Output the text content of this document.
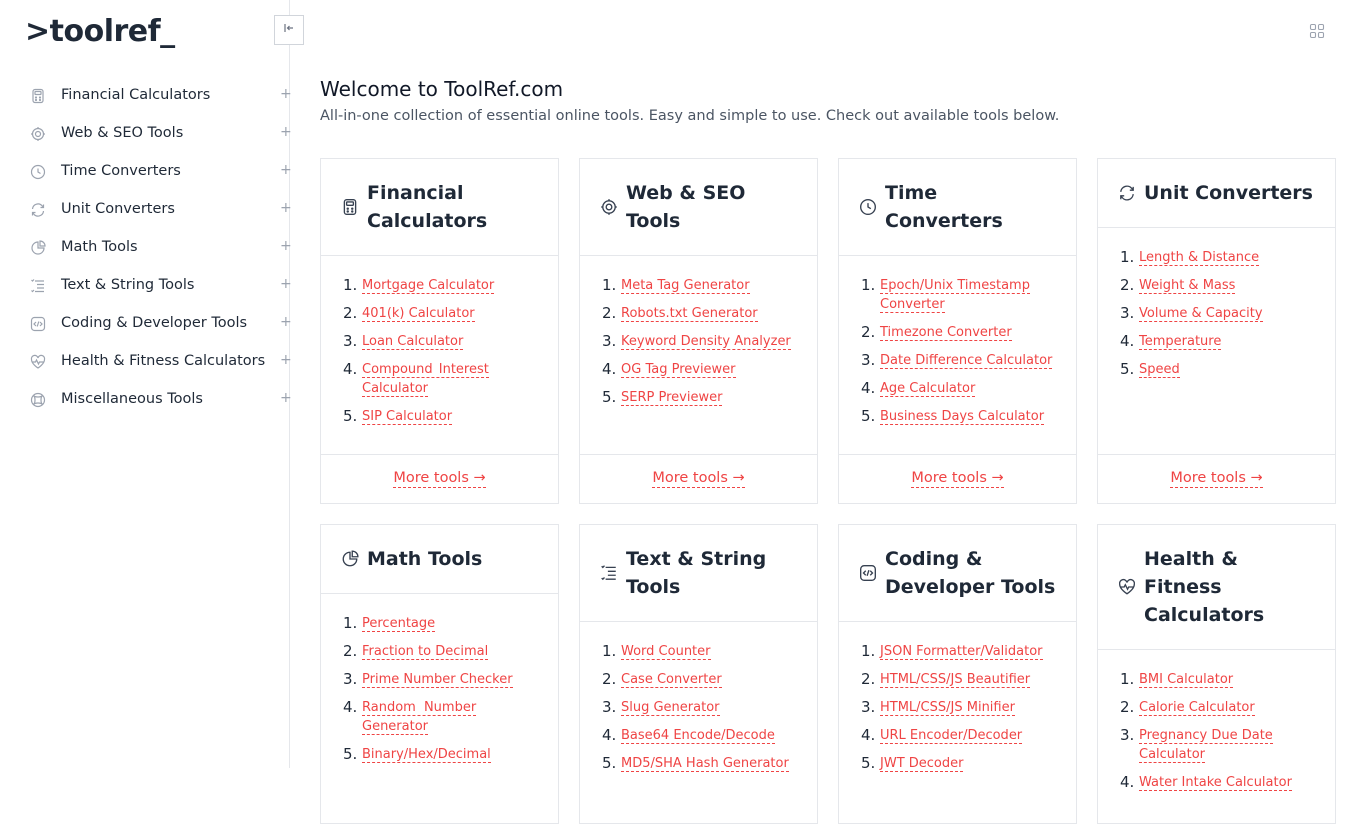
>toolref_
Financial Calculators	+
Web & SEO Tools	+
Time Converters	+
Unit Converters	+
Math Tools	+
Text & String Tools	+
Coding & Developer Tools +
Health & Fitness Calculators +
Miscellaneous Tools	+
Welcome to ToolRef.com

All-in-one collection of essential online tools. Easy and simple to use. Check out available tools below.

Financial Calculators
1. Mortgage Calculator
2. 401(k) Calculator
3. Loan Calculator
4. Compound Interest Calculator
5. SIP Calculator
More tools →
Web & SEO Tools
1. Meta Tag Generator
2. Robots.txt Generator
3. Keyword Density Analyzer
4. OG Tag Previewer
5. SERP Previewer
More tools →
Time Converters
1. Epoch/Unix Timestamp Converter
2. Timezone Converter
3. Date Difference Calculator
4. Age Calculator
5. Business Days Calculator
More tools →
Unit Converters
1. Length & Distance
2. Weight & Mass
3. Volume & Capacity
4. Temperature
5. Speed
More tools →
Math Tools
1. Percentage
2. Fraction to Decimal
3. Prime Number Checker
4. Random Number Generator
5. Binary/Hex/Decimal
Text & String Tools
1. Word Counter
2. Case Converter
3. Slug Generator
4. Base64 Encode/Decode
5. MD5/SHA Hash Generator
Coding & Developer Tools
1. JSON Formatter/Validator
2. HTML/CSS/JS Beautifier
3. HTML/CSS/JS Minifier
4. URL Encoder/Decoder
5. JWT Decoder
Health & Fitness Calculators
1. BMI Calculator
2. Calorie Calculator
3. Pregnancy Due Date Calculator
4. Water Intake Calculator
